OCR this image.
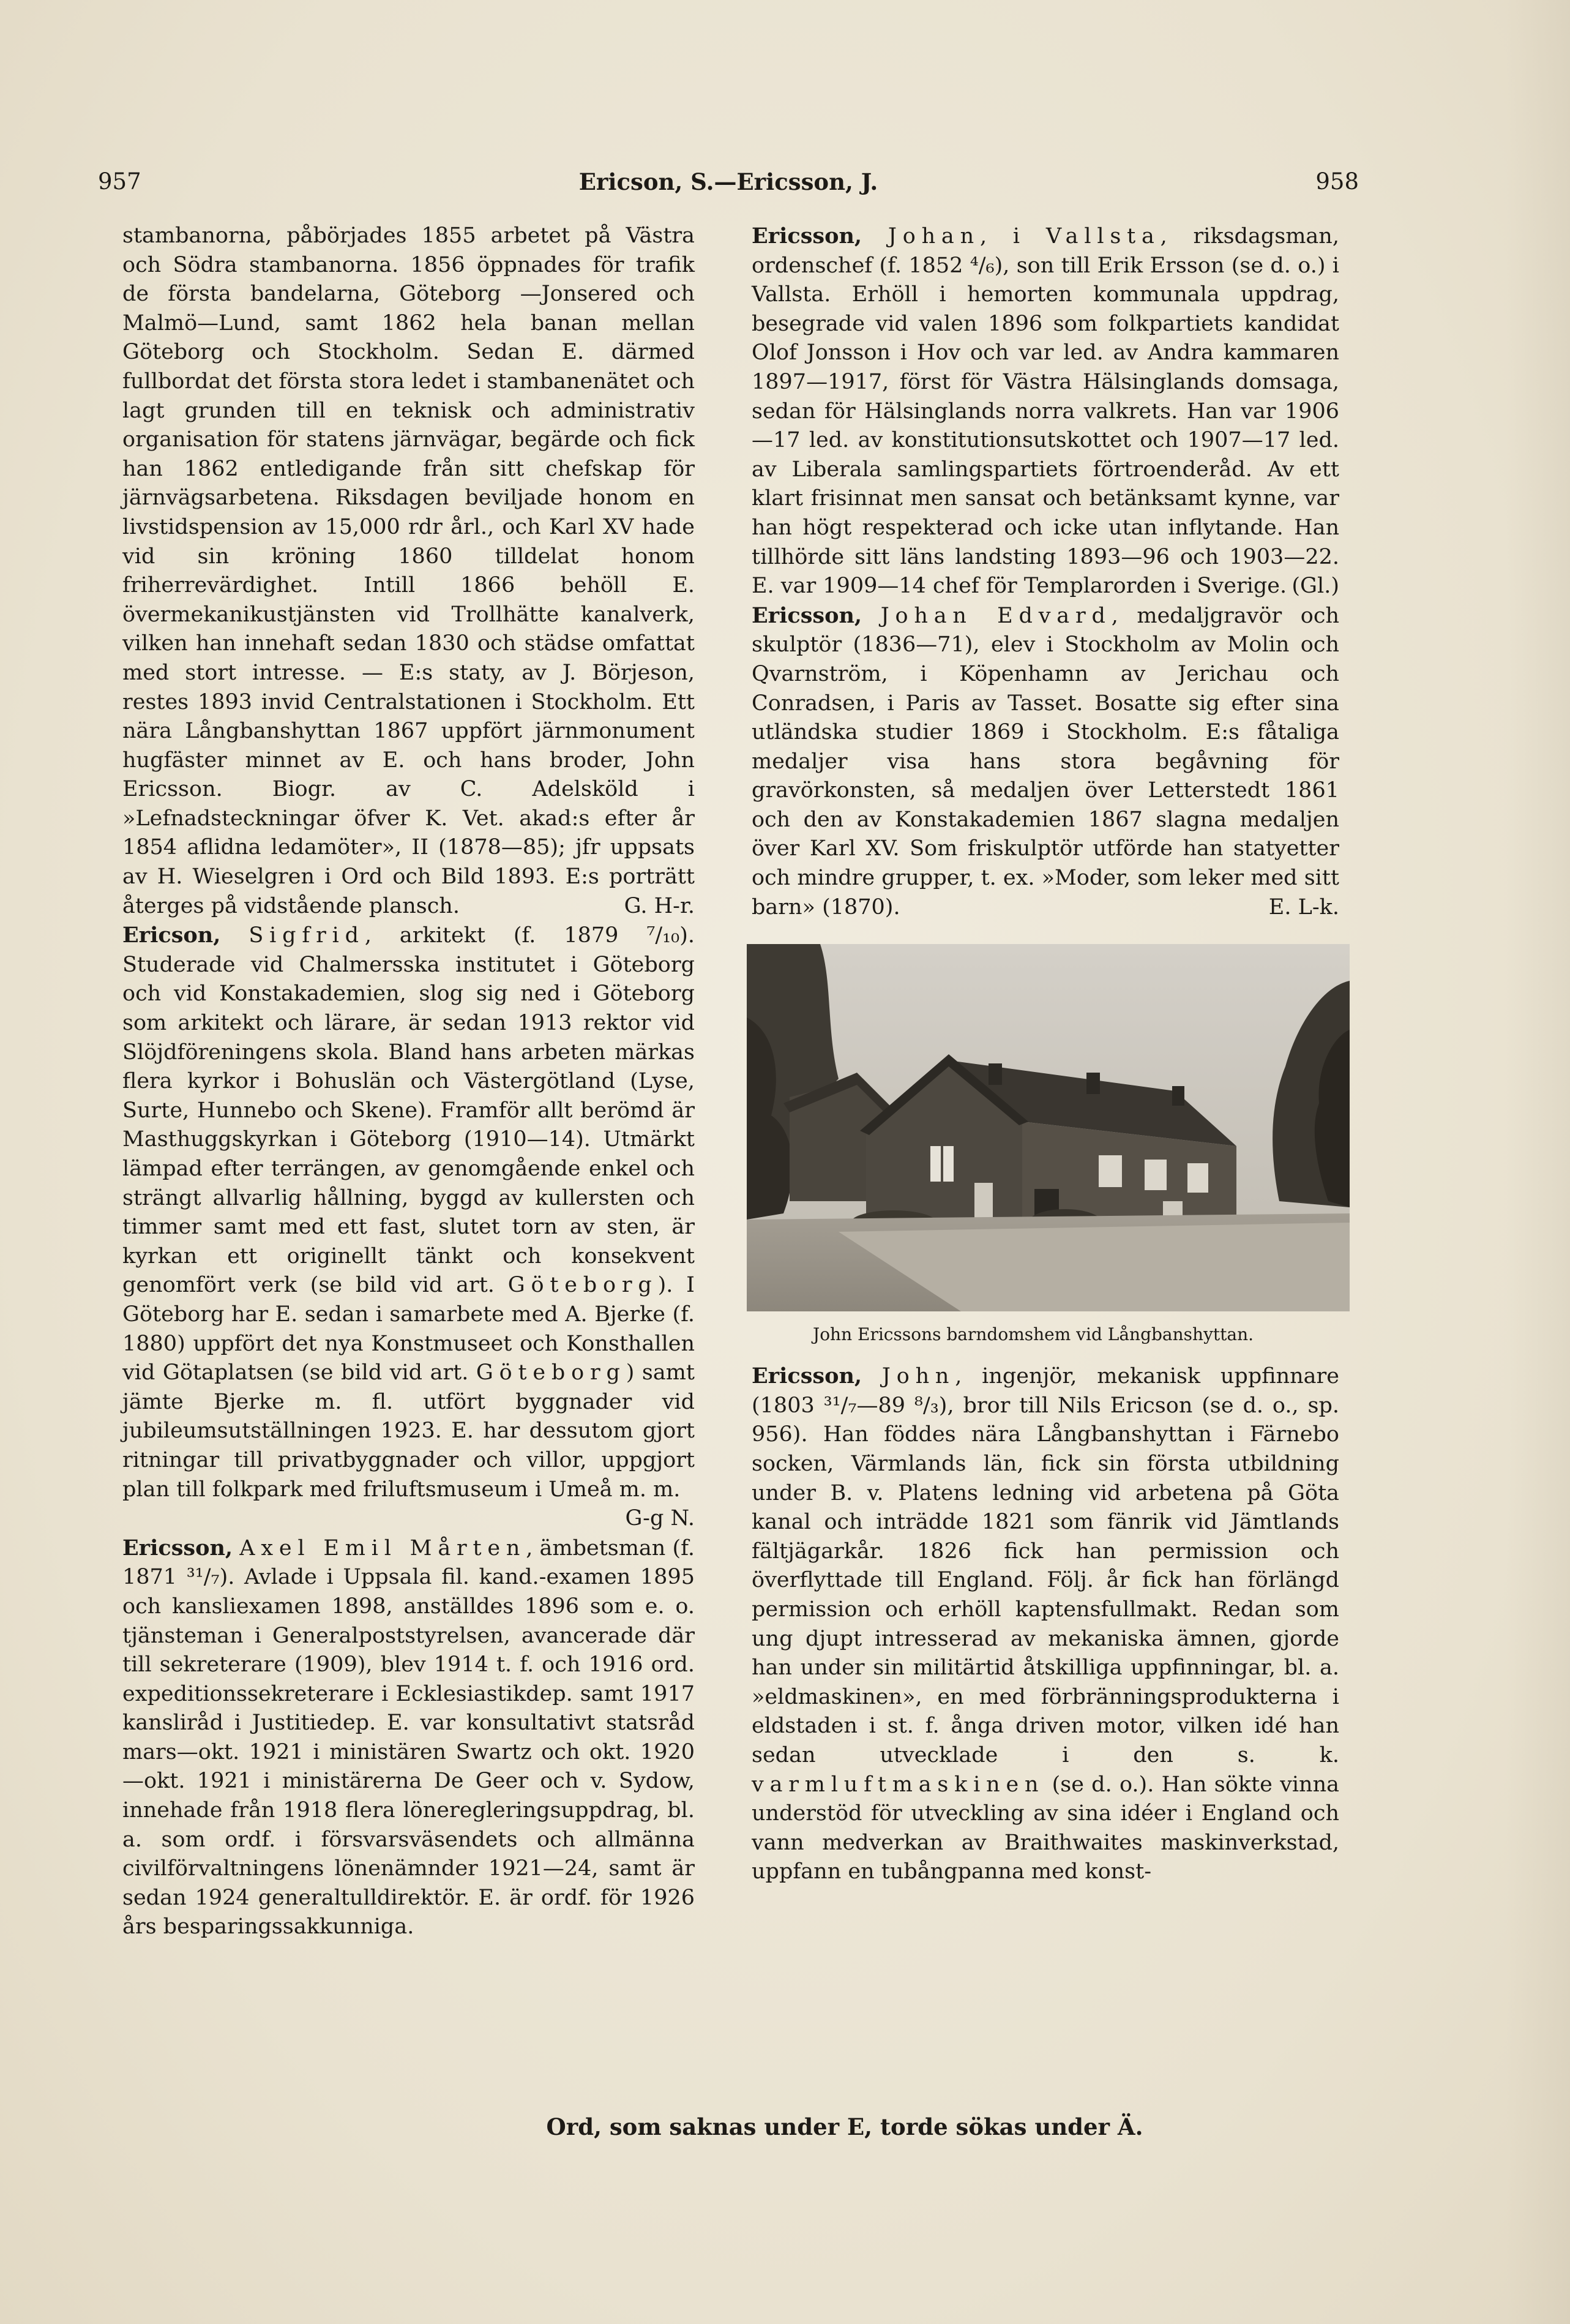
957	Ericson, S.—Ericsson, J.	958

stambanorna, påbörjades 1855 arbetet på Västra och Södra stambanorna. 1856 öppnades för trafik de första bandelarna, Göteborg —Jonsered och Malmö—Lund, samt 1862 hela banan mellan Göteborg och Stockholm. Sedan E. därmed fullbordat det första stora ledet i stambanenätet och lagt grunden till en teknisk och administrativ organisation för statens järnvägar, begärde och fick han 1862 entledigande från sitt chefskap för järnvägsarbetena. Riksdagen beviljade honom en livstidspension av 15,000 rdr årl., och Karl XV hade vid sin kröning 1860 tilldelat honom friherrevärdighet. Intill 1866 behöll E. övermekanikustjänsten vid Trollhätte kanalverk, vilken han innehaft sedan 1830 och städse omfattat med stort intresse. — E:s staty, av J. Börjeson, restes 1893 invid Centralstationen i Stockholm. Ett nära Långbanshyttan 1867 uppfört järnmonument hugfäster minnet av E. och hans broder, John Ericsson. Biogr. av C. Adelsköld i »Lefnadsteckningar öfver K. Vet. akad:s efter år 1854 aflidna ledamöter», II (1878—85); jfr uppsats av H. Wieselgren i Ord och Bild 1893. E:s porträtt återges på vidstående plansch.	G. H-r.

Ericson, Sigfrid, arkitekt (f. 1879 ⁷/₁₀). Studerade vid Chalmersska institutet i Göteborg och vid Konstakademien, slog sig ned i Göteborg som arkitekt och lärare, är sedan 1913 rektor vid Slöjdföreningens skola. Bland hans arbeten märkas flera kyrkor i Bohuslän och Västergötland (Lyse, Surte, Hunnebo och Skene). Framför allt berömd är Masthuggskyrkan i Göteborg (1910—14). Utmärkt lämpad efter terrängen, av genomgående enkel och strängt allvarlig hållning, byggd av kullersten och timmer samt med ett fast, slutet torn av sten, är kyrkan ett originellt tänkt och konsekvent genomfört verk (se bild vid art. Göteborg). I Göteborg har E. sedan i samarbete med A. Bjerke (f. 1880) uppfört det nya Konstmuseet och Konsthallen vid Götaplatsen (se bild vid art. Göteborg) samt jämte Bjerke m. fl. utfört byggnader vid jubileumsutställningen 1923. E. har dessutom gjort ritningar till privatbyggnader och villor, uppgjort plan till folkpark med friluftsmuseum i Umeå m. m.
G-g N.

Ericsson, Axel Emil Mårten, ämbetsman (f. 1871 ³¹/₇). Avlade i Uppsala fil. kand.-examen 1895 och kansliexamen 1898, anställdes 1896 som e. o. tjänsteman i Generalpoststyrelsen, avancerade där till sekreterare (1909), blev 1914 t. f. och 1916 ord. expeditionssekreterare i Ecklesiastikdep. samt 1917 kanslіråd i Justitiedep. E. var konsultativt statsråd mars—okt. 1921 i ministären Swartz och okt. 1920—okt. 1921 i ministärerna De Geer och v. Sydow, innehade från 1918 flera löneregleringsuppdrag, bl. a. som ordf. i försvarsväsendets och allmänna civilförvaltningens lönenämnder 1921—24, samt är sedan 1924 generaltulldirektör. E. är ordf. för 1926 års besparingssakkunniga.

Ericsson, Johan, i Vallsta, riksdagsman, ordenschef (f. 1852 ⁴/₆), son till Erik Ersson (se d. o.) i Vallsta. Erhöll i hemorten kommunala uppdrag, besegrade vid valen 1896 som folkpartiets kandidat Olof Jonsson i Hov och var led. av Andra kammaren 1897—1917, först för Västra Hälsinglands domsaga, sedan för Hälsinglands norra valkrets. Han var 1906—17 led. av konstitutionsutskottet och 1907—17 led. av Liberala samlingspartiets förtroenderåd. Av ett klart frisinnat men sansat och betänksamt kynne, var han högt respekterad och icke utan inflytande. Han tillhörde sitt läns landsting 1893—96 och 1903—22. E. var 1909—14 chef för Templarorden i Sverige. (Gl.)

Ericsson, Johan Edvard, medaljgravör och skulptör (1836—71), elev i Stockholm av Molin och Qvarnström, i Köpenhamn av Jerichau och Conradsen, i Paris av Tasset. Bosatte sig efter sina utländska studier 1869 i Stockholm. E:s fåtaliga medaljer visa hans stora begåvning för gravörkonsten, så medaljen över Letterstedt 1861 och den av Konstakademien 1867 slagna medaljen över Karl XV. Som friskulptör utförde han statyetter och mindre grupper, t. ex. »Moder, som leker med sitt barn» (1870).	E. L-k.

John Ericssons barndomshem vid Långbanshyttan.

Ericsson, John, ingenjör, mekanisk uppfinnare (1803 ³¹/₇—89 ⁸/₃), bror till Nils Ericson (se d. o., sp. 956). Han föddes nära Långbanshyttan i Färnebo socken, Värmlands län, fick sin första utbildning under B. v. Platens ledning vid arbetena på Göta kanal och inträdde 1821 som fänrik vid Jämtlands fältjägarkår. 1826 fick han permission och överflyttade till England. Följ. år fick han förlängd permission och erhöll kaptensfullmakt. Redan som ung djupt intresserad av mekaniska ämnen, gjorde han under sin militärtid åtskilliga uppfinningar, bl. a. »eldmaskinen», en med förbränningsprodukterna i eldstaden i st. f. ånga driven motor, vilken idé han sedan utvecklade i den s. k. varmluftmaskinen (se d. o.). Han sökte vinna understöd för utveckling av sina idéer i England och vann medverkan av Braithwaites maskinverkstad, uppfann en tubångpanna med konst-

Ord, som saknas under E, torde sökas under Ä.
